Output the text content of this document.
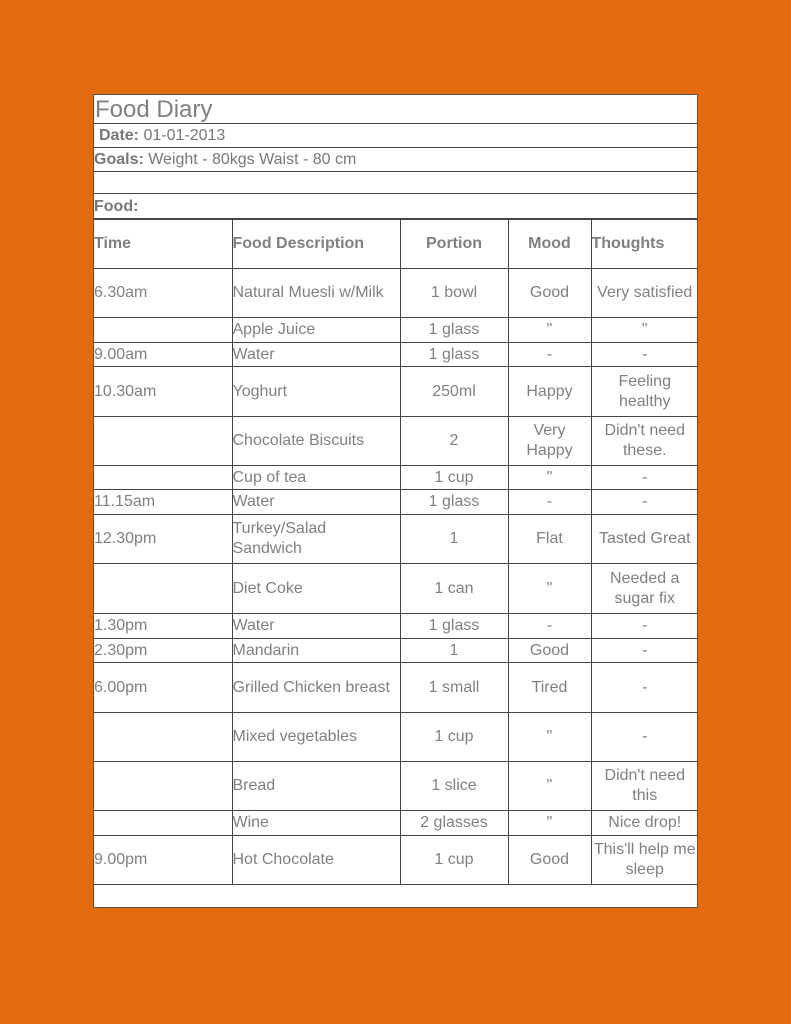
Food Diary
Date: 01-01-2013
Goals: Weight - 80kgs Waist - 80 cm
Food:
Time	Food Description	Portion	Mood	Thoughts
6.30am	Natural Muesli w/Milk	1 bowl	Good	Very satisfied
	Apple Juice	1 glass	"	"
9.00am	Water	1 glass	-	-
10.30am	Yoghurt	250ml	Happy	Feeling healthy
	Chocolate Biscuits	2	Very Happy	Didn't need these.
	Cup of tea	1 cup	"	-
11.15am	Water	1 glass	-	-
12.30pm	Turkey/Salad Sandwich	1	Flat	Tasted Great
	Diet Coke	1 can	"	Needed a sugar fix
1.30pm	Water	1 glass	-	-
2.30pm	Mandarin	1	Good	-
6.00pm	Grilled Chicken breast	1 small	Tired	-
	Mixed vegetables	1 cup	"	-
	Bread	1 slice	"	Didn't need this
	Wine	2 glasses	"	Nice drop!
9.00pm	Hot Chocolate	1 cup	Good	This'll help me sleep
